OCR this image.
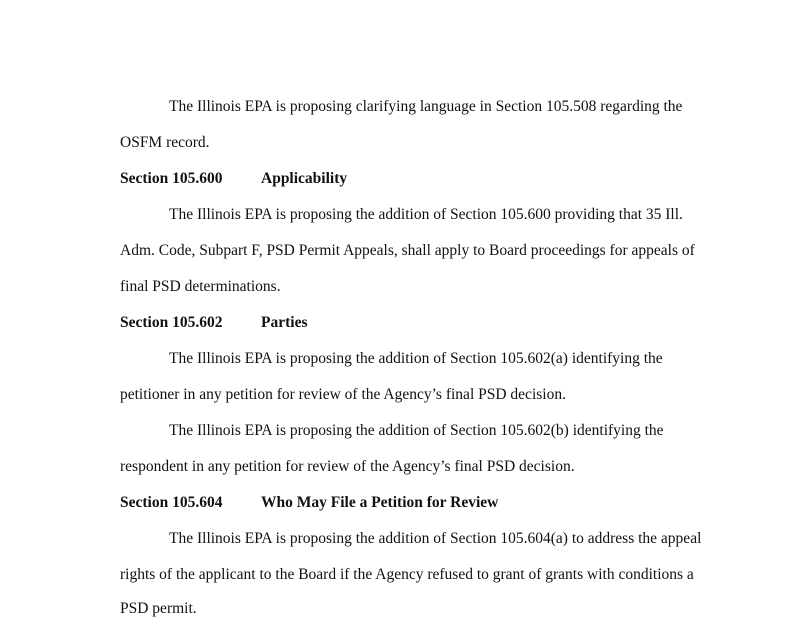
The Illinois EPA is proposing clarifying language in Section 105.508 regarding the
OSFM record.
Section 105.600 Applicability
The Illinois EPA is proposing the addition of Section 105.600 providing that 35 Ill.
Adm. Code, Subpart F, PSD Permit Appeals, shall apply to Board proceedings for appeals of
final PSD determinations.
Section 105.602 Parties
The Illinois EPA is proposing the addition of Section 105.602(a) identifying the
petitioner in any petition for review of the Agency’s final PSD decision.
The Illinois EPA is proposing the addition of Section 105.602(b) identifying the
respondent in any petition for review of the Agency’s final PSD decision.
Section 105.604 Who May File a Petition for Review
The Illinois EPA is proposing the addition of Section 105.604(a) to address the appeal
rights of the applicant to the Board if the Agency refused to grant of grants with conditions a
PSD permit.
